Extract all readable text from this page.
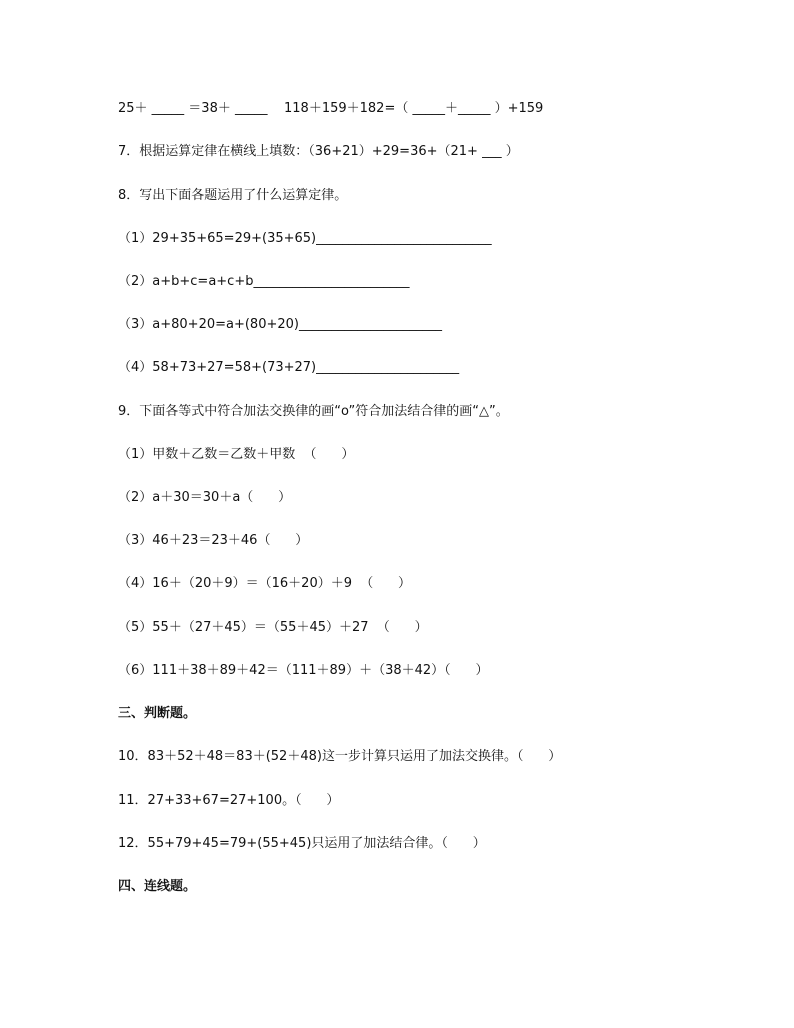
25＋ _____ ＝38＋ _____    118＋159＋182=（ _____＋_____ ）+159
7．根据运算定律在横线上填数：（36+21）+29=36+（21+ ___ ）
8．写出下面各题运用了什么运算定律。
（1）29+35+65=29+(35+65)___________________________
（2）a+b+c=a+c+b________________________
（3）a+80+20=a+(80+20)______________________
（4）58+73+27=58+(73+27)______________________
9．下面各等式中符合加法交换律的画“o”符合加法结合律的画“△”。
（1）甲数＋乙数＝乙数＋甲数  （      ）
（2）a＋30＝30＋a（      ）
（3）46＋23＝23＋46（      ）
（4）16＋（20＋9）＝（16＋20）＋9  （      ）
（5）55＋（27＋45）＝（55＋45）＋27  （      ）
（6）111＋38＋89＋42＝（111＋89）＋（38＋42）（      ）
三、判断题。
10．83＋52＋48＝83＋(52＋48)这一步计算只运用了加法交换律。（      ）
11．27+33+67=27+100。（      ）
12．55+79+45=79+(55+45)只运用了加法结合律。（      ）
四、连线题。
